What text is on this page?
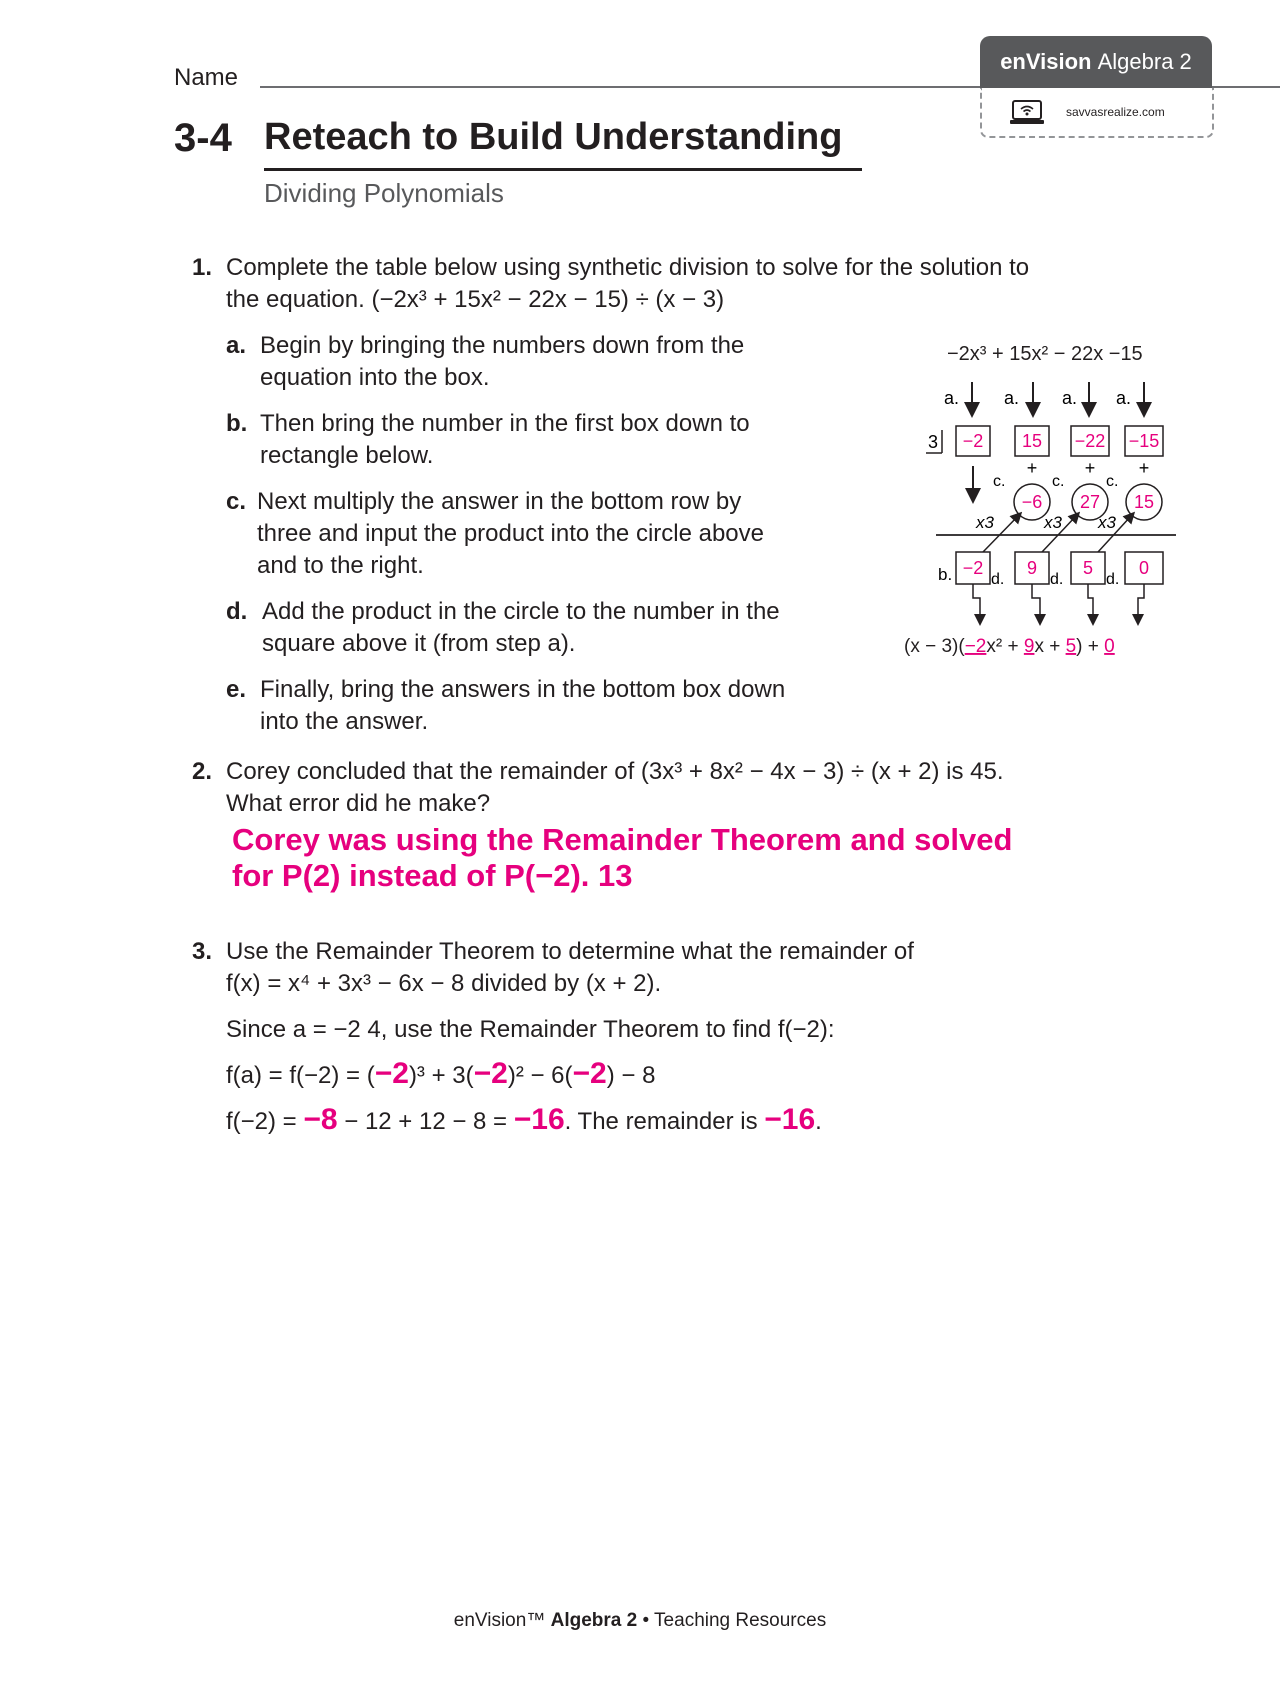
Name
enVision
Algebra 2
savvasrealize.com
3-4 Reteach to Build Understanding
Dividing Polynomials
1. Complete the table below using synthetic division to solve for the solution to
the equation. (−2x³ + 15x² − 22x − 15) ÷ (x − 3)
a. Begin by bringing the numbers down from the
equation into the box.
b. Then bring the number in the first box down to
rectangle below.
c. Next multiply the answer in the bottom row by
three and input the product into the circle above
and to the right.
d. Add the product in the circle to the number in the
square above it (from step a).
e. Finally, bring the answers in the bottom box down
into the answer.
−2x³ + 15x² − 22x −15
a. a. a. a.
3 −2 15 −22 −15
+	+ +
c.	c.	c.
−6 27 15
x3	x3 x3
b. −2 9	5	0
d.	d.	d.
(x − 3)(−2x² + 9x + 5) + 0
2. Corey concluded that the remainder of (3x³ + 8x² − 4x − 3) ÷ (x + 2) is 45.
What error did he make?
Corey was using the Remainder Theorem and solved
for P(2) instead of P(−2). 13
3. Use the Remainder Theorem to determine what the remainder of
f(x) = x⁴ + 3x³ − 6x − 8 divided by (x + 2).
Since a = −2 4, use the Remainder Theorem to find f(−2):
f(a) = f(−2) = (−2)³ + 3(−2)² − 6(−2) − 8
f(−2) = −8 − 12 + 12 − 8 = −16. The remainder is −16.
enVision™ Algebra 2 • Teaching Resources
